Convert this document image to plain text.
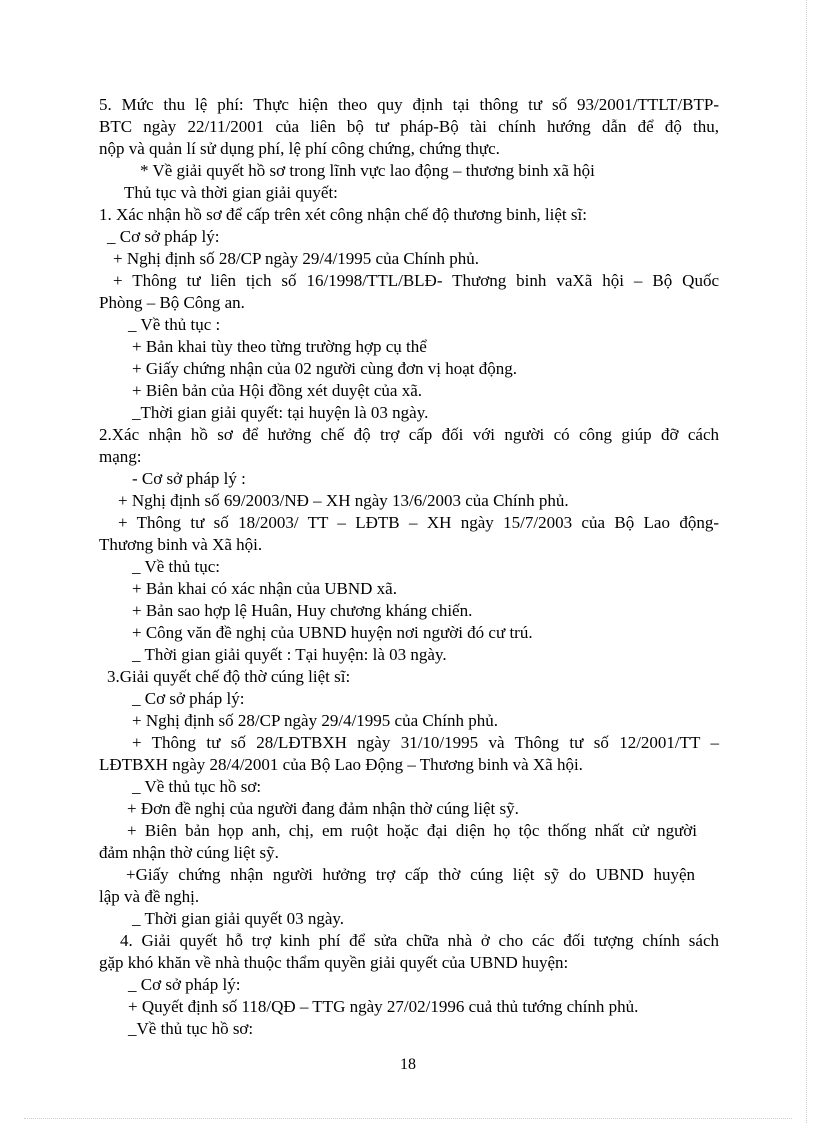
5. Mức thu lệ phí: Thực hiện theo quy định tại thông tư số 93/2001/TTLT/BTP-
BTC ngày 22/11/2001 của liên bộ tư pháp-Bộ tài chính hướng dẫn để độ thu,
nộp và quản lí sử dụng phí, lệ phí công chứng, chứng thực.
* Về giải quyết hồ sơ trong lĩnh vực lao động – thương binh xã hội
Thủ tục và thời gian giải quyết:
1. Xác nhận hồ sơ để cấp trên xét công nhận chế độ thương binh, liệt sĩ:
_ Cơ sở pháp lý:
+ Nghị định số 28/CP ngày 29/4/1995 của Chính phủ.
+ Thông tư liên tịch số 16/1998/TTL/BLĐ- Thương binh vaXã hội – Bộ Quốc
Phòng – Bộ Công an.
_ Về thủ tục :
+ Bản khai tùy theo từng trường hợp cụ thể
+ Giấy chứng nhận của 02 người cùng đơn vị hoạt động.
+ Biên bản của Hội đồng xét duyệt của xã.
_Thời gian giải quyết: tại huyện là 03 ngày.
2.Xác nhận hồ sơ để hưởng chế độ trợ cấp đối với người có công giúp đỡ cách
mạng:
- Cơ sở pháp lý :
+ Nghị định số 69/2003/NĐ – XH ngày 13/6/2003 của Chính phủ.
+ Thông tư số 18/2003/ TT – LĐTB – XH ngày 15/7/2003 của Bộ Lao động-
Thương binh và Xã hội.
_ Về thủ tục:
+ Bản khai có xác nhận của UBND xã.
+ Bản sao hợp lệ Huân, Huy chương kháng chiến.
+ Công văn đề nghị của UBND huyện nơi người đó cư trú.
_ Thời gian giải quyết : Tại huyện: là 03 ngày.
3.Giải quyết chế độ thờ cúng liệt sĩ:
_ Cơ sở pháp lý:
+ Nghị định số 28/CP ngày 29/4/1995 của Chính phủ.
+ Thông tư số 28/LĐTBXH ngày 31/10/1995 và Thông tư số 12/2001/TT –
LĐTBXH ngày 28/4/2001 của Bộ Lao Động – Thương binh và Xã hội.
_ Về thủ tục hồ sơ:
+ Đơn đề nghị của người đang đảm nhận thờ cúng liệt sỹ.
+ Biên bản họp anh, chị, em ruột hoặc đại diện họ tộc thống nhất cử người
đảm nhận thờ cúng liệt sỹ.
+Giấy chứng nhận người hưởng trợ cấp thờ cúng liệt sỹ do UBND huyện
lập và đề nghị.
_ Thời gian giải quyết 03 ngày.
4. Giải quyết hỗ trợ kinh phí để sửa chữa nhà ở cho các đối tượng chính sách
gặp khó khăn về nhà thuộc thẩm quyền giải quyết của UBND huyện:
_ Cơ sở pháp lý:
+ Quyết định số 118/QĐ – TTG ngày 27/02/1996 cuả thủ tướng chính phủ.
_Về thủ tục hồ sơ:
18
